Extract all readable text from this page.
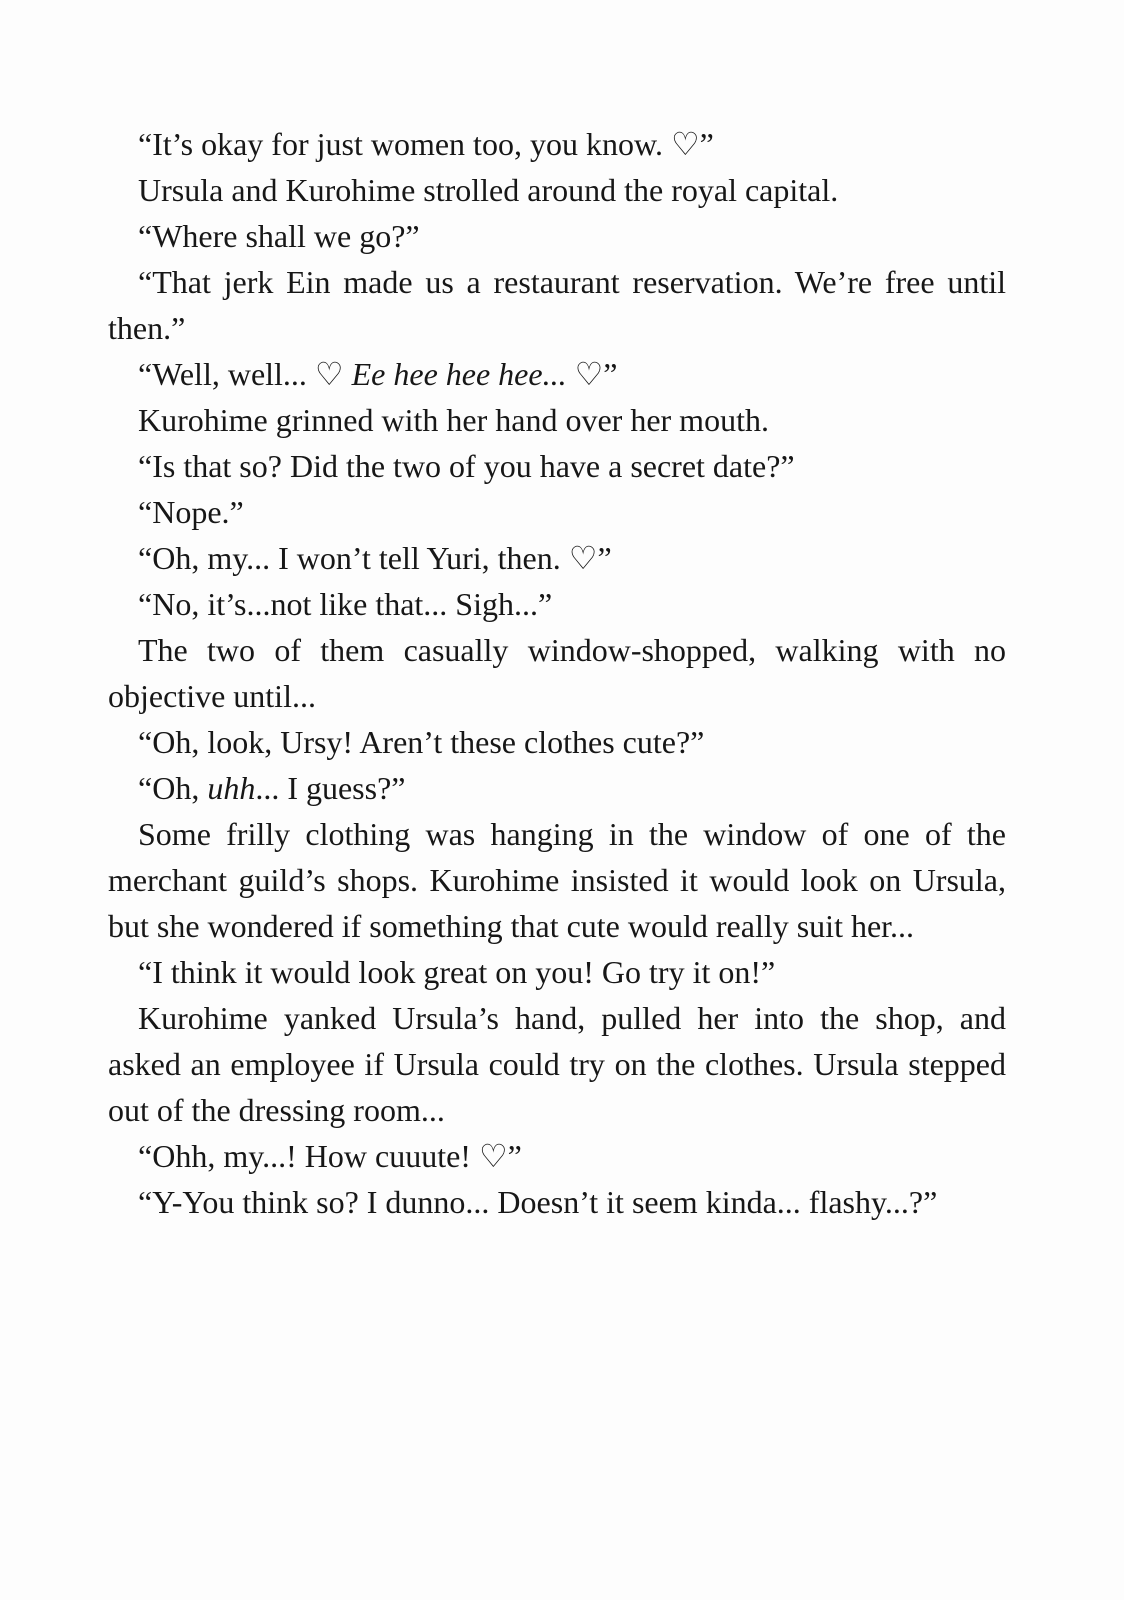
“It’s okay for just women too, you know. ♡”

Ursula and Kurohime strolled around the royal capital.

“Where shall we go?”

“That jerk Ein made us a restaurant reservation. We’re free until then.”

“Well, well... ♡ Ee hee hee hee... ♡”

Kurohime grinned with her hand over her mouth.

“Is that so? Did the two of you have a secret date?”

“Nope.”

“Oh, my... I won’t tell Yuri, then. ♡”

“No, it’s...not like that... Sigh...”

The two of them casually window-shopped, walking with no objective until...

“Oh, look, Ursy! Aren’t these clothes cute?”

“Oh, uhh... I guess?”

Some frilly clothing was hanging in the window of one of the merchant guild’s shops. Kurohime insisted it would look on Ursula, but she wondered if something that cute would really suit her...

“I think it would look great on you! Go try it on!”

Kurohime yanked Ursula’s hand, pulled her into the shop, and asked an employee if Ursula could try on the clothes. Ursula stepped out of the dressing room...

“Ohh, my...! How cuuute! ♡”

“Y-You think so? I dunno... Doesn’t it seem kinda... flashy...?”
